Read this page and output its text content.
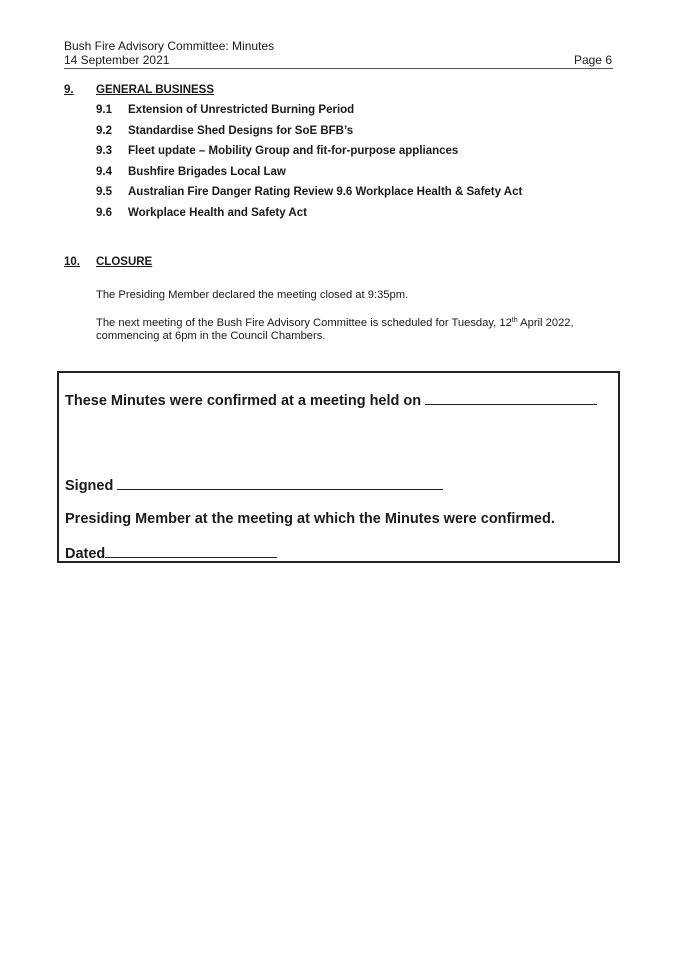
Bush Fire Advisory Committee: Minutes
14 September 2021	Page 6
9. GENERAL BUSINESS
9.1 Extension of Unrestricted Burning Period
9.2 Standardise Shed Designs for SoE BFB’s
9.3 Fleet update – Mobility Group and fit-for-purpose appliances
9.4 Bushfire Brigades Local Law
9.5 Australian Fire Danger Rating Review 9.6 Workplace Health & Safety Act
9.6 Workplace Health and Safety Act
10. CLOSURE
The Presiding Member declared the meeting closed at 9:35pm.
The next meeting of the Bush Fire Advisory Committee is scheduled for Tuesday, 12th April 2022, commencing at 6pm in the Council Chambers.
These Minutes were confirmed at a meeting held on
Signed
Presiding Member at the meeting at which the Minutes were confirmed.
Dated
